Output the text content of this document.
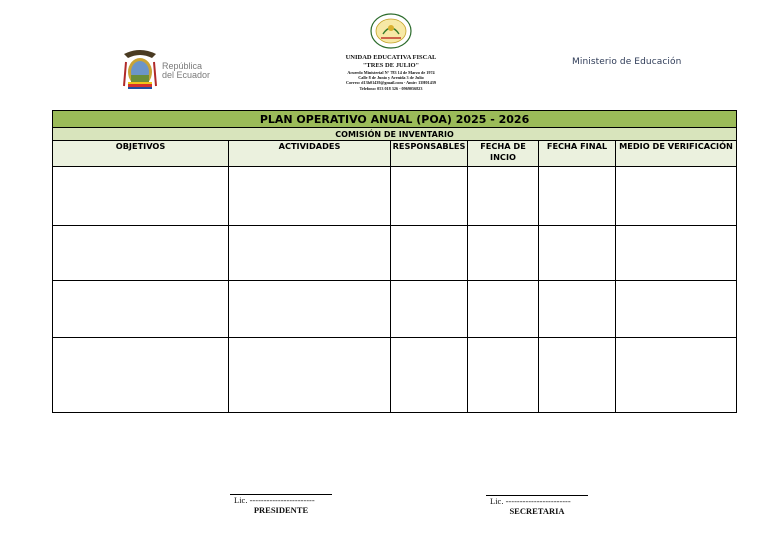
República
del Ecuador
UNIDAD EDUCATIVA FISCAL
"TRES DE JULIO"
Acuerdo Ministerial N° 783 14 de Marzo de 1974
Calle 8 de Junio y Avenida 3 de Julio
Correo: d13h01439@gmail.com - Amie: 13H01439
Telefono: 053 018 326 - 0969056823
Ministerio de Educación
PLAN OPERATIVO ANUAL (POA) 2025 - 2026					
COMISIÓN DE INVENTARIO					
OBJETIVOS	ACTIVIDADES	RESPONSABLES	FECHA DE INCIO	FECHA FINAL	MEDIO DE VERIFICACIÓN

Lic. -----------------------
PRESIDENTE
Lic. -----------------------
SECRETARIA
